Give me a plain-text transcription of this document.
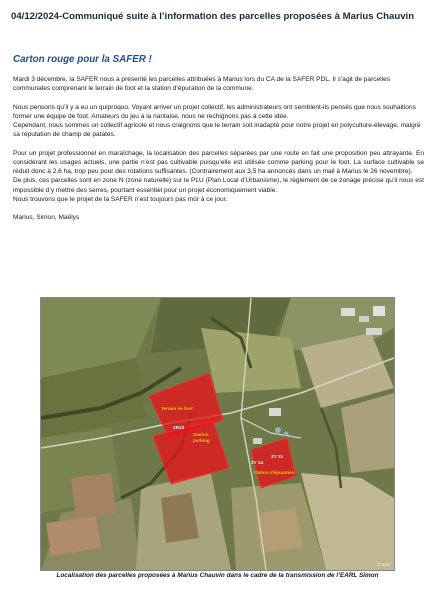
04/12/2024-Communiqué suite à l’information des parcelles proposées à Marius Chauvin
Carton rouge pour la SAFER !

Mardi 3 décembre, la SAFER nous a présenté les parcelles attribuées à Marius lors du CA de la SAFER PDL. Il s’agit de parcelles communales comprenant le terrain de foot et la station d’épuration de la commune.

Nous pensons qu’il y a eu un quiproquo. Voyant arriver un projet collectif, les administrateurs ont semblent-ils pensés que nous souhaitions former une équipe de foot. Amateurs du jeu à la nantaise, nous ne rechignons pas à cette idée.

Cependant, nous sommes un collectif agricole et nous craignons que le terrain soit inadapté pour notre projet en polyculture-élevage, malgré sa réputation de champ de patates.

Pour un projet professionnel en maraîchage, la localisation des parcelles séparées par une route en fait une proposition peu attrayante. En considérant les usages actuels, une partie n’est pas cultivable puisqu’elle est utilisée comme parking pour le foot. La surface cultivable se réduit donc à 2,6 ha, trop peu pour des rotations suffisantes. (Contrairement aux 3,5 ha annoncés dans un mail à Marius le 26 novembre).

De plus, ces parcelles sont en zone N (zone naturelle) sur le PLU (Plan Local d’Urbanisme), le règlement de ce zonage précise qu’il nous est impossible d’y mettre des serres, pourtant essentiel pour un projet économiquement viable.

Nous trouvons que le projet de la SAFER n’est toujours pas mûr à ce jour.

Marius, Simon, Maëlys

Terrain de foot
ZR23
Station
parking
ZY 24
ZY 21
Station d'épuration
© IGN
Localisation des parcelles proposées à Marius Chauvin dans le cadre de la transmission de l’EARL Simon
